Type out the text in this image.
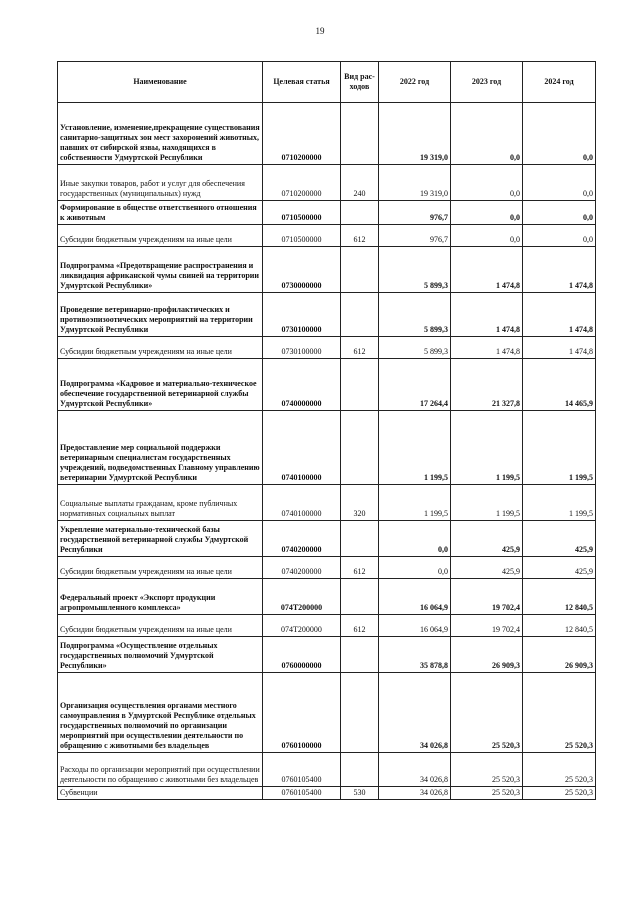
19
Наименование	Целевая статья	Вид рас-ходов	2022 год	2023 год	2024 год
Установление, изменение,прекращение существования санитарно-защитных зон мест захоронений животных, павших от сибирской язвы, находящихся в собственности Удмуртской Республики	0710200000		19 319,0	0,0	0,0
Иные закупки товаров, работ и услуг для обеспечения государственных (муниципальных) нужд	0710200000	240	19 319,0	0,0	0,0
Формирование в обществе ответственного отношения к животным	0710500000		976,7	0,0	0,0
Субсидии бюджетным учреждениям на иные цели	0710500000	612	976,7	0,0	0,0
Подпрограмма «Предотвращение распространения и ликвидация африканской чумы свиней на территории Удмуртской Республики»	0730000000		5 899,3	1 474,8	1 474,8
Проведение ветеринарно-профилактических и противоэпизоотических мероприятий на территории Удмуртской Республики	0730100000		5 899,3	1 474,8	1 474,8
Субсидии бюджетным учреждениям на иные цели	0730100000	612	5 899,3	1 474,8	1 474,8
Подпрограмма «Кадровое и материально-техническое обеспечение государственной ветеринарной службы Удмуртской Республики»	0740000000		17 264,4	21 327,8	14 465,9
Предоставление мер социальной поддержки ветеринарным специалистам государственных учреждений, подведомственных Главному управлению ветеринарии Удмуртской Республики	0740100000		1 199,5	1 199,5	1 199,5
Социальные выплаты гражданам, кроме публичных нормативных социальных выплат	0740100000	320	1 199,5	1 199,5	1 199,5
Укрепление материально-технической базы государственной ветеринарной службы Удмуртской Республики	0740200000		0,0	425,9	425,9
Субсидии бюджетным учреждениям на иные цели	0740200000	612	0,0	425,9	425,9
Федеральный проект «Экспорт продукции агропромышленного комплекса»	074T200000		16 064,9	19 702,4	12 840,5
Субсидии бюджетным учреждениям на иные цели	074T200000	612	16 064,9	19 702,4	12 840,5
Подпрограмма «Осуществление отдельных государственных полномочий Удмуртской Республики»	0760000000		35 878,8	26 909,3	26 909,3
Организация осуществления органами местного самоуправления в Удмуртской Республике отдельных государственных полномочий по организации мероприятий при осуществлении деятельности по обращению с животными без владельцев	0760100000		34 026,8	25 520,3	25 520,3
Расходы по организации мероприятий при осуществлении деятельности по обращению с животными без владельцев	0760105400		34 026,8	25 520,3	25 520,3
Субвенции	0760105400	530	34 026,8	25 520,3	25 520,3
